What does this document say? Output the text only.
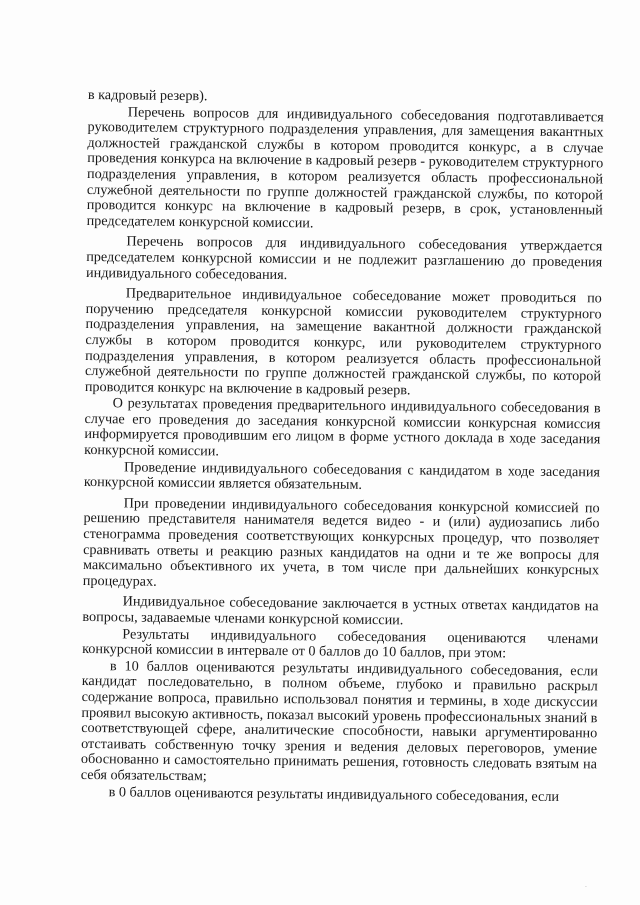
в кадровый резерв).

Перечень вопросов для индивидуального собеседования подготавливается руководителем структурного подразделения управления, для замещения вакантных должностей гражданской службы в котором проводится конкурс, а в случае проведения конкурса на включение в кадровый резерв - руководителем структурного подразделения управления, в котором реализуется область профессиональной служебной деятельности по группе должностей гражданской службы, по которой проводится конкурс на включение в кадровый резерв, в срок, установленный председателем конкурсной комиссии.

Перечень вопросов для индивидуального собеседования утверждается председателем конкурсной комиссии и не подлежит разглашению до проведения индивидуального собеседования.

Предварительное индивидуальное собеседование может проводиться по поручению председателя конкурсной комиссии руководителем структурного подразделения управления, на замещение вакантной должности гражданской службы в котором проводится конкурс, или руководителем структурного подразделения управления, в котором реализуется область профессиональной служебной деятельности по группе должностей гражданской службы, по которой проводится конкурс на включение в кадровый резерв.

О результатах проведения предварительного индивидуального собеседования в случае его проведения до заседания конкурсной комиссии конкурсная комиссия информируется проводившим его лицом в форме устного доклада в ходе заседания конкурсной комиссии.

Проведение индивидуального собеседования с кандидатом в ходе заседания конкурсной комиссии является обязательным.

При проведении индивидуального собеседования конкурсной комиссией по решению представителя нанимателя ведется видео - и (или) аудиозапись либо стенограмма проведения соответствующих конкурсных процедур, что позволяет сравнивать ответы и реакцию разных кандидатов на одни и те же вопросы для максимально объективного их учета, в том числе при дальнейших конкурсных процедурах.

Индивидуальное собеседование заключается в устных ответах кандидатов на вопросы, задаваемые членами конкурсной комиссии.

Результаты индивидуального собеседования оцениваются членами конкурсной комиссии в интервале от 0 баллов до 10 баллов, при этом:

в 10 баллов оцениваются результаты индивидуального собеседования, если кандидат последовательно, в полном объеме, глубоко и правильно раскрыл содержание вопроса, правильно использовал понятия и термины, в ходе дискуссии проявил высокую активность, показал высокий уровень профессиональных знаний в соответствующей сфере, аналитические способности, навыки аргументированно отстаивать собственную точку зрения и ведения деловых переговоров, умение обоснованно и самостоятельно принимать решения, готовность следовать взятым на себя обязательствам;

в 0 баллов оцениваются результаты индивидуального собеседования, если

·
